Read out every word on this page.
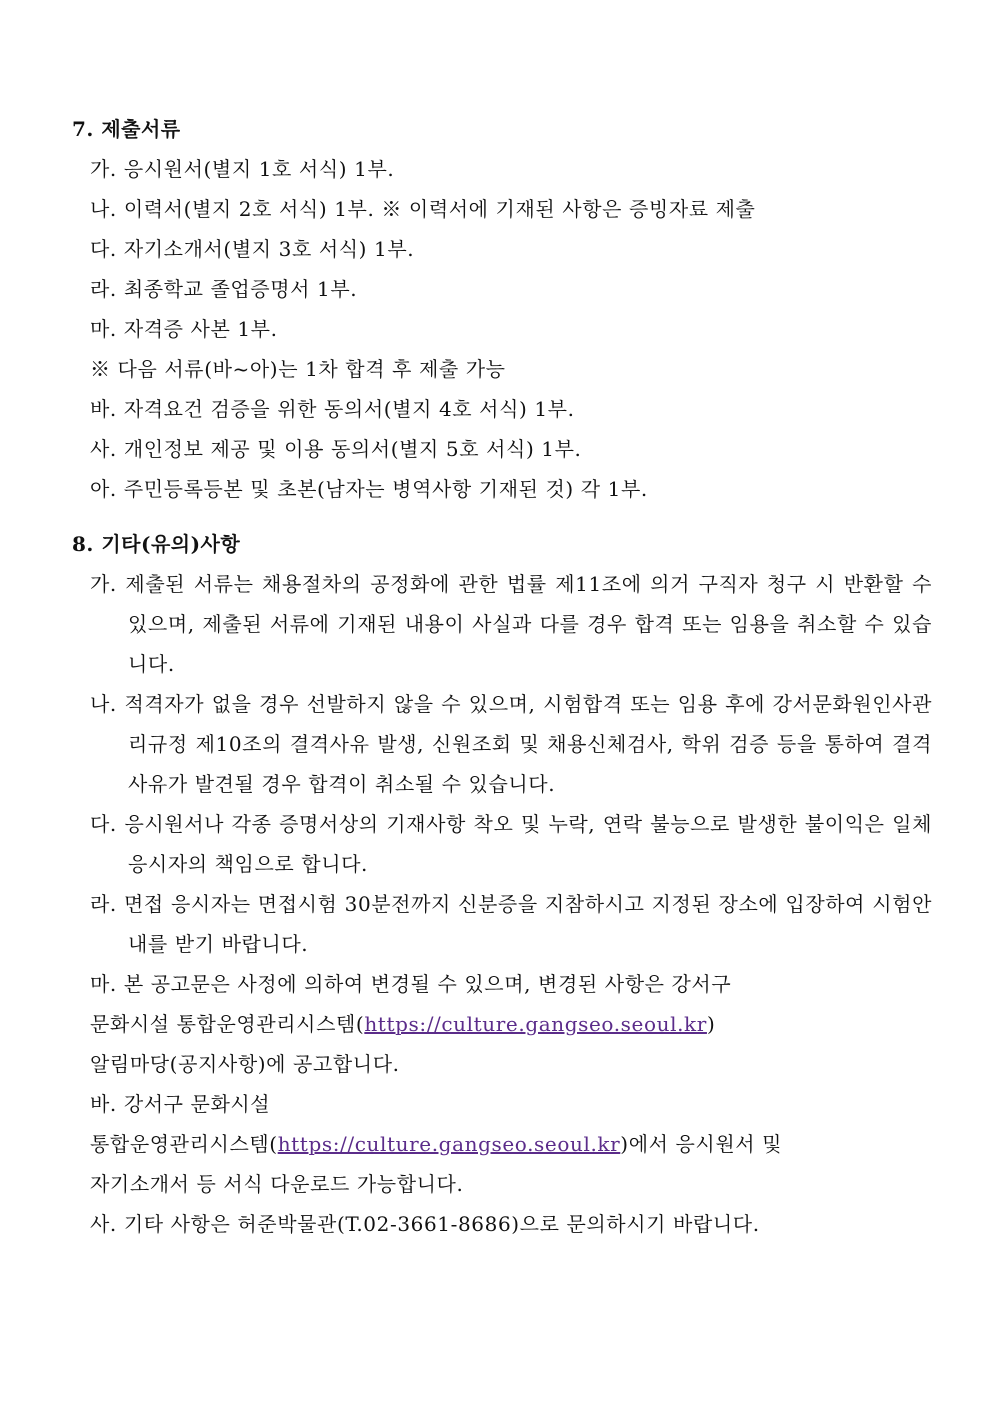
7. 제출서류
가. 응시원서(별지 1호 서식) 1부.
나. 이력서(별지 2호 서식) 1부. ※ 이력서에 기재된 사항은 증빙자료 제출
다. 자기소개서(별지 3호 서식) 1부.
라. 최종학교 졸업증명서 1부.
마. 자격증 사본 1부.
※ 다음 서류(바~아)는 1차 합격 후 제출 가능
바. 자격요건 검증을 위한 동의서(별지 4호 서식) 1부.
사. 개인정보 제공 및 이용 동의서(별지 5호 서식) 1부.
아. 주민등록등본 및 초본(남자는 병역사항 기재된 것) 각 1부.
8. 기타(유의)사항
가. 제출된 서류는 채용절차의 공정화에 관한 법률 제11조에 의거 구직자 청구 시 반환할 수 있으며, 제출된 서류에 기재된 내용이 사실과 다를 경우 합격 또는 임용을 취소할 수 있습니다.
나. 적격자가 없을 경우 선발하지 않을 수 있으며, 시험합격 또는 임용 후에 강서문화원인사관리규정 제10조의 결격사유 발생, 신원조회 및 채용신체검사, 학위 검증 등을 통하여 결격사유가 발견될 경우 합격이 취소될 수 있습니다.
다. 응시원서나 각종 증명서상의 기재사항 착오 및 누락, 연락 불능으로 발생한 불이익은 일체 응시자의 책임으로 합니다.
라. 면접 응시자는 면접시험 30분전까지 신분증을 지참하시고 지정된 장소에 입장하여 시험안내를 받기 바랍니다.
마. 본 공고문은 사정에 의하여 변경될 수 있으며, 변경된 사항은 강서구
문화시설 통합운영관리시스템(https://culture.gangseo.seoul.kr)
알림마당(공지사항)에 공고합니다.
바. 강서구 문화시설
통합운영관리시스템(https://culture.gangseo.seoul.kr)에서 응시원서 및
자기소개서 등 서식 다운로드 가능합니다.
사. 기타 사항은 허준박물관(T.02-3661-8686)으로 문의하시기 바랍니다.
